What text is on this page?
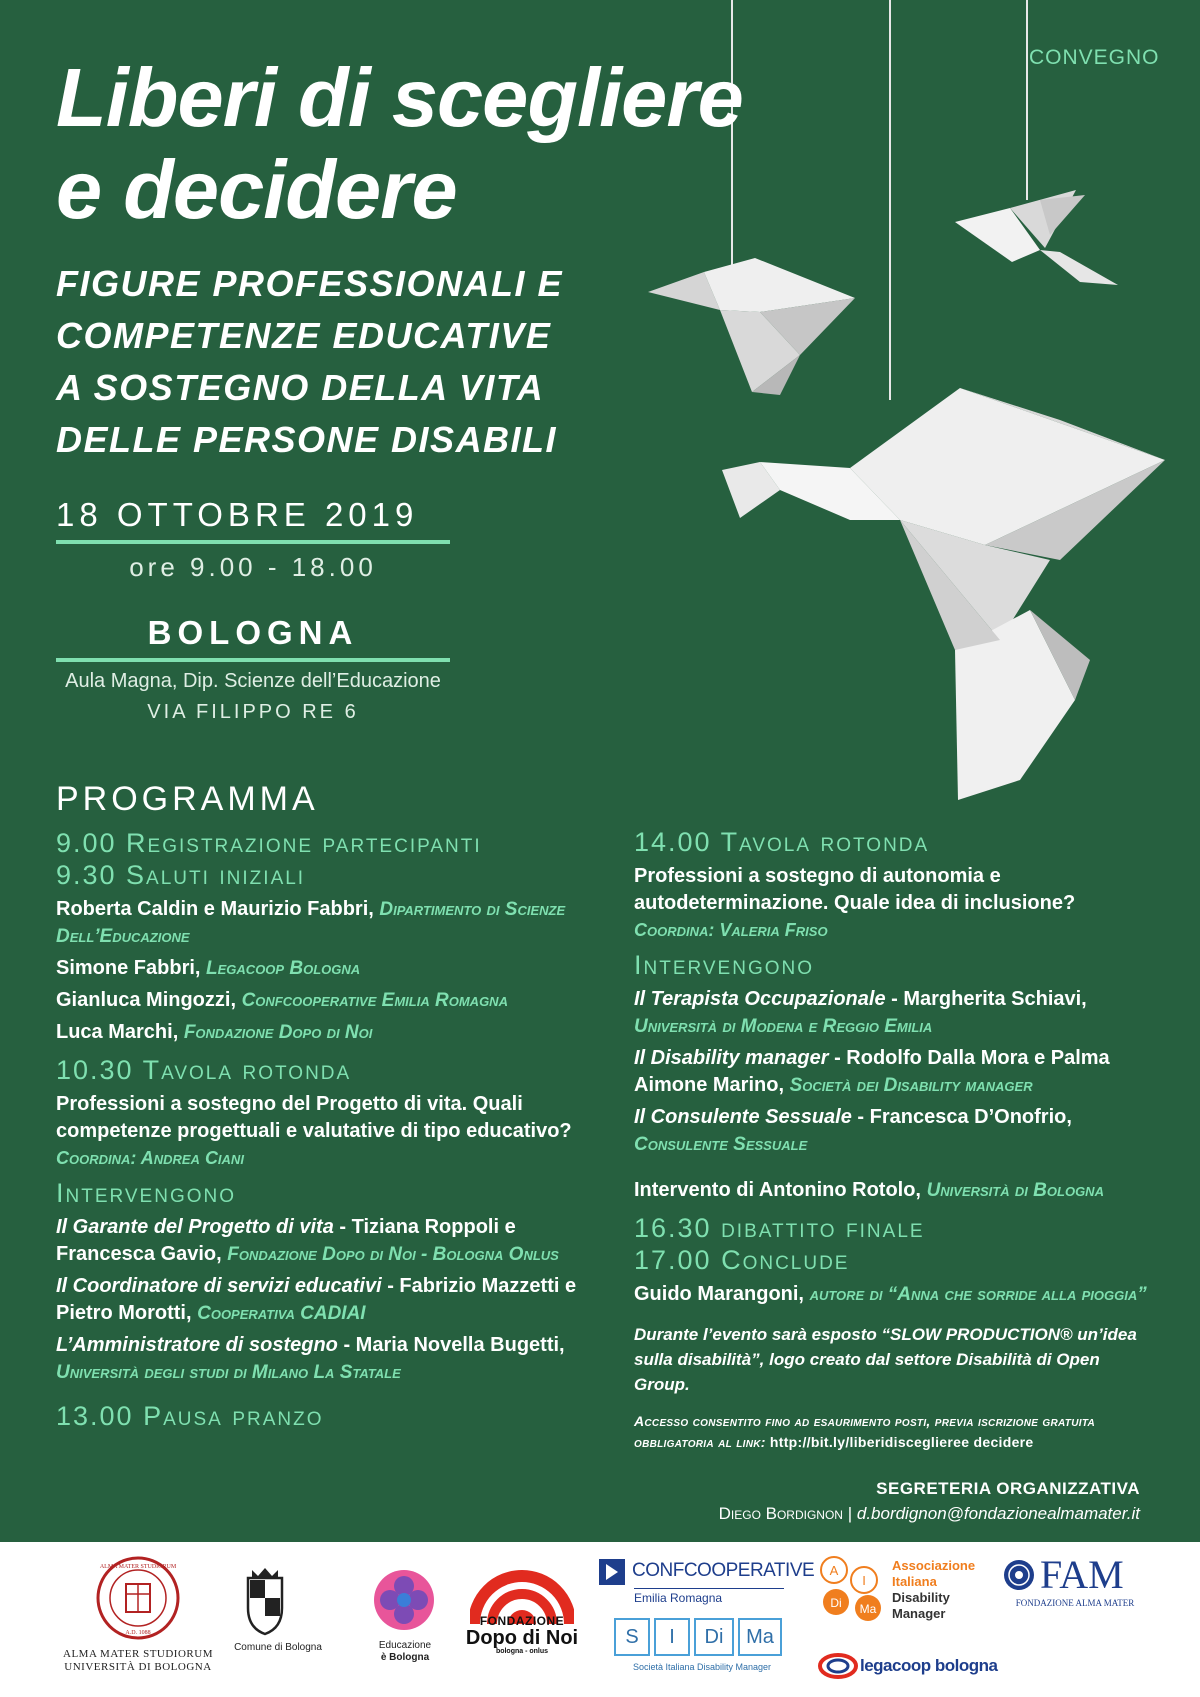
CONVEGNO
Liberi di scegliere
e decidere
FIGURE PROFESSIONALI E
COMPETENZE EDUCATIVE
A SOSTEGNO DELLA VITA
DELLE PERSONE DISABILI
18 OTTOBRE 2019
ore 9.00 - 18.00
BOLOGNA
Aula Magna, Dip. Scienze dell’Educazione
VIA FILIPPO RE 6
PROGRAMMA
9.00 Registrazione partecipanti
9.30 Saluti iniziali
Roberta Caldin e Maurizio Fabbri, Dipartimento di Scienze Dell’Educazione
Simone Fabbri, Legacoop Bologna
Gianluca Mingozzi, Confcooperative Emilia Romagna
Luca Marchi, Fondazione Dopo di Noi
10.30 Tavola rotonda
Professioni a sostegno del Progetto di vita. Quali competenze progettuali e valutative di tipo educativo?
Coordina: Andrea Ciani
Intervengono
Il Garante del Progetto di vita - Tiziana Roppoli e Francesca Gavio, Fondazione Dopo di Noi - Bologna Onlus
Il Coordinatore di servizi educativi - Fabrizio Mazzetti e Pietro Morotti, Cooperativa CADIAI
L’Amministratore di sostegno - Maria Novella Bugetti, Università degli studi di Milano La Statale
13.00 Pausa pranzo
14.00 Tavola rotonda
Professioni a sostegno di autonomia e autodeterminazione. Quale idea di inclusione?
Coordina: Valeria Friso
Intervengono
Il Terapista Occupazionale - Margherita Schiavi, Università di Modena e Reggio Emilia
Il Disability manager - Rodolfo Dalla Mora e Palma Aimone Marino, Società dei Disability manager
Il Consulente Sessuale - Francesca D’Onofrio, Consulente Sessuale
Intervento di Antonino Rotolo, Università di Bologna
16.30 dibattito finale
17.00 Conclude
Guido Marangoni, autore di “Anna che sorride alla pioggia”
Durante l’evento sarà esposto “SLOW PRODUCTION® un’idea sulla disabilità”, logo creato dal settore Disabilità di Open Group.
Accesso consentito fino ad esaurimento posti, previa iscrizione gratuita obbligatoria al link: http://bit.ly/liberidisceglieree decidere
SEGRETERIA ORGANIZZATIVA
Diego Bordignon | d.bordignon@fondazionealmamater.it
ALMA MATER STUDIORUM
A.D. 1088
ALMA MATER STUDIORUM
UNIVERSITÀ DI BOLOGNA
Comune di Bologna	Educazione
è Bologna
FONDAZIONE
Dopo di Noi
bologna - onlus
CONFCOOPERATIVE
Emilia Romagna
S	I	Di	Ma
Società Italiana Disability Manager
A
I
Di Ma
Associazione
Italiana
Disability
Manager
legacoop bologna
FAM
FONDAZIONE ALMA MATER
